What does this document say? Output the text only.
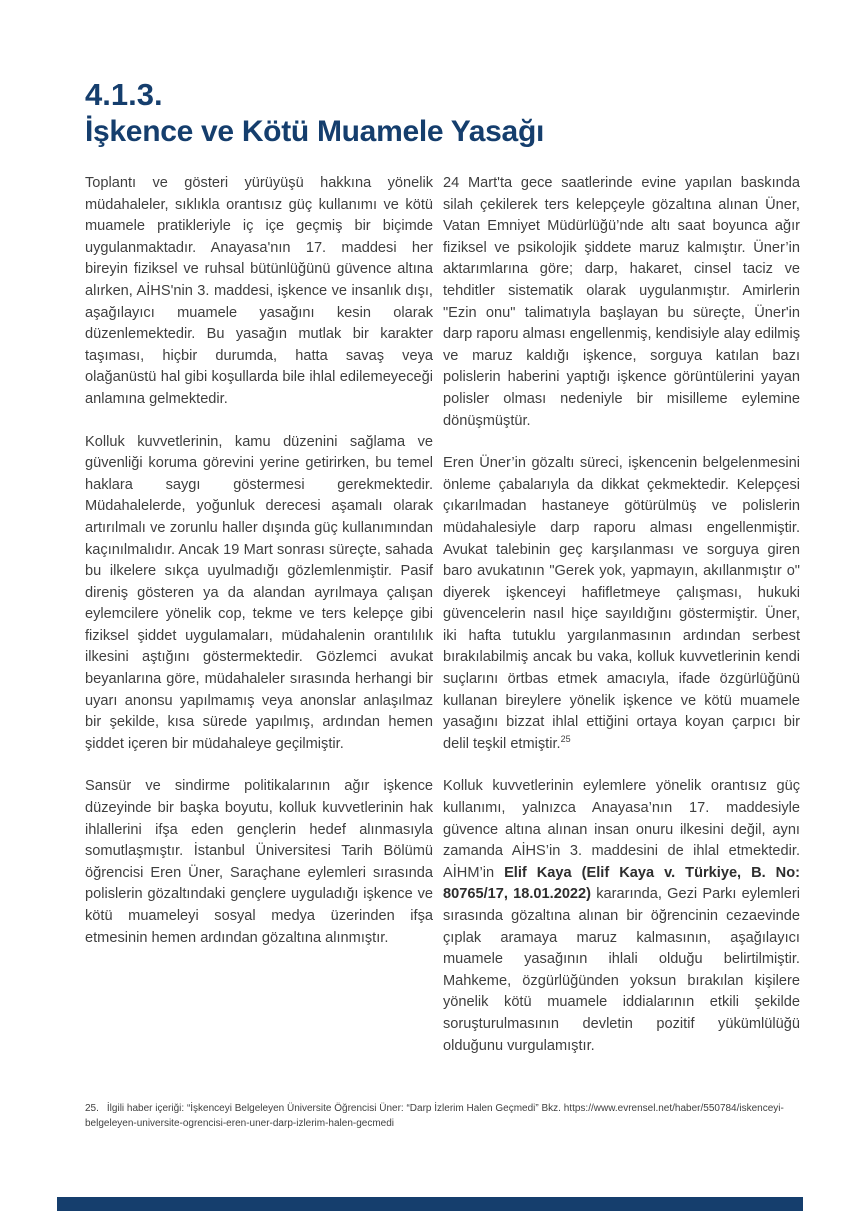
4.1.3.
İşkence ve Kötü Muamele Yasağı

Toplantı ve gösteri yürüyüşü hakkına yönelik müdahaleler, sıklıkla orantısız güç kullanımı ve kötü muamele pratikleriyle iç içe geçmiş bir biçimde uygulanmaktadır. Anayasa'nın 17. maddesi her bireyin fiziksel ve ruhsal bütünlüğünü güvence altına alırken, AİHS'nin 3. maddesi, işkence ve insanlık dışı, aşağılayıcı muamele yasağını kesin olarak düzenlemektedir. Bu yasağın mutlak bir karakter taşıması, hiçbir durumda, hatta savaş veya olağanüstü hal gibi koşullarda bile ihlal edilemeyeceği anlamına gelmektedir.

Kolluk kuvvetlerinin, kamu düzenini sağlama ve güvenliği koruma görevini yerine getirirken, bu temel haklara saygı göstermesi gerekmektedir. Müdahalelerde, yoğunluk derecesi aşamalı olarak artırılmalı ve zorunlu haller dışında güç kullanımından kaçınılmalıdır. Ancak 19 Mart sonrası süreçte, sahada bu ilkelere sıkça uyulmadığı gözlemlenmiştir. Pasif direniş gösteren ya da alandan ayrılmaya çalışan eylemcilere yönelik cop, tekme ve ters kelepçe gibi fiziksel şiddet uygulamaları, müdahalenin orantılılık ilkesini aştığını göstermektedir. Gözlemci avukat beyanlarına göre, müdahaleler sırasında herhangi bir uyarı anonsu yapılmamış veya anonslar anlaşılmaz bir şekilde, kısa sürede yapılmış, ardından hemen şiddet içeren bir müdahaleye geçilmiştir.

Sansür ve sindirme politikalarının ağır işkence düzeyinde bir başka boyutu, kolluk kuvvetlerinin hak ihlallerini ifşa eden gençlerin hedef alınmasıyla somutlaşmıştır. İstanbul Üniversitesi Tarih Bölümü öğrencisi Eren Üner, Saraçhane eylemleri sırasında polislerin gözaltındaki gençlere uyguladığı işkence ve kötü muameleyi sosyal medya üzerinden ifşa etmesinin hemen ardından gözaltına alınmıştır.

24 Mart'ta gece saatlerinde evine yapılan baskında silah çekilerek ters kelepçeyle gözaltına alınan Üner, Vatan Emniyet Müdürlüğü’nde altı saat boyunca ağır fiziksel ve psikolojik şiddete maruz kalmıştır. Üner’in aktarımlarına göre; darp, hakaret, cinsel taciz ve tehditler sistematik olarak uygulanmıştır. Amirlerin "Ezin onu" talimatıyla başlayan bu süreçte, Üner'in darp raporu alması engellenmiş, kendisiyle alay edilmiş ve maruz kaldığı işkence, sorguya katılan bazı polislerin haberini yaptığı işkence görüntülerini yayan polisler olması nedeniyle bir misilleme eylemine dönüşmüştür.

Eren Üner’in gözaltı süreci, işkencenin belgelenmesini önleme çabalarıyla da dikkat çekmektedir. Kelepçesi çıkarılmadan hastaneye götürülmüş ve polislerin müdahalesiyle darp raporu alması engellenmiştir. Avukat talebinin geç karşılanması ve sorguya giren baro avukatının "Gerek yok, yapmayın, akıllanmıştır o" diyerek işkenceyi hafifletmeye çalışması, hukuki güvencelerin nasıl hiçe sayıldığını göstermiştir. Üner, iki hafta tutuklu yargılanmasının ardından serbest bırakılabilmiş ancak bu vaka, kolluk kuvvetlerinin kendi suçlarını örtbas etmek amacıyla, ifade özgürlüğünü kullanan bireylere yönelik işkence ve kötü muamele yasağını bizzat ihlal ettiğini ortaya koyan çarpıcı bir delil teşkil etmiştir.$^{25}$

Kolluk kuvvetlerinin eylemlere yönelik orantısız güç kullanımı, yalnızca Anayasa’nın 17. maddesiyle güvence altına alınan insan onuru ilkesini değil, aynı zamanda AİHS’in 3. maddesini de ihlal etmektedir. AİHM’in Elif Kaya (Elif Kaya v. Türkiye, B. No: 80765/17, 18.01.2022) kararında, Gezi Parkı eylemleri sırasında gözaltına alınan bir öğrencinin cezaevinde çıplak aramaya maruz kalmasının, aşağılayıcı muamele yasağının ihlali olduğu belirtilmiştir. Mahkeme, özgürlüğünden yoksun bırakılan kişilere yönelik kötü muamele iddialarının etkili şekilde soruşturulmasının devletin pozitif yükümlülüğü olduğunu vurgulamıştır.

25. İlgili haber içeriği: “İşkenceyi Belgeleyen Üniversite Öğrencisi Üner: “Darp İzlerim Halen Geçmedi” Bkz. https://www.evrensel.net/haber/550784/iskenceyi-belgeleyen-universite-ogrencisi-eren-uner-darp-izlerim-halen-gecmedi
